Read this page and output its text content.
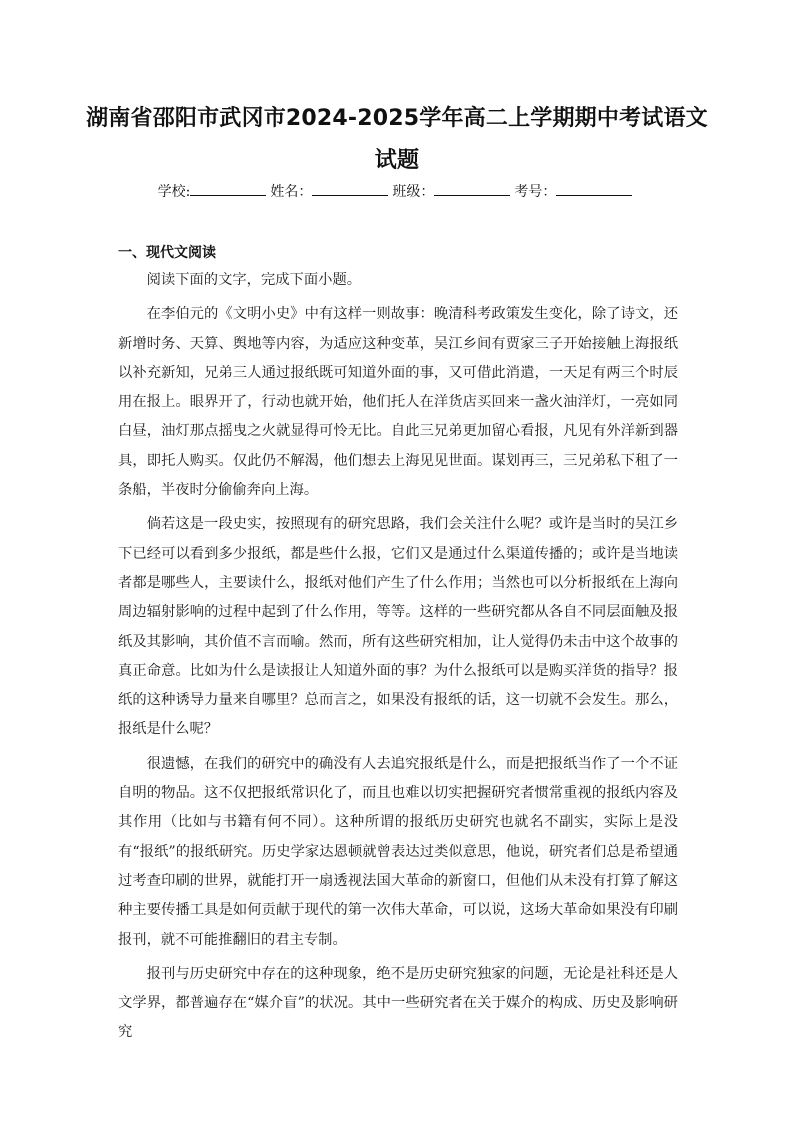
湖南省邵阳市武冈市2024-2025学年高二上学期期中考试语文
试题
学校:	姓名：	班级：	考号：
一、现代文阅读

阅读下面的文字，完成下面小题。

在李伯元的《文明小史》中有这样一则故事：晚清科考政策发生变化，除了诗文，还新增时务、天算、舆地等内容，为适应这种变革，吴江乡间有贾家三子开始接触上海报纸以补充新知，兄弟三人通过报纸既可知道外面的事，又可借此消遣，一天足有两三个时辰用在报上。眼界开了，行动也就开始，他们托人在洋货店买回来一盏火油洋灯，一亮如同白昼，油灯那点摇曳之火就显得可怜无比。自此三兄弟更加留心看报，凡见有外洋新到器具，即托人购买。仅此仍不解渴，他们想去上海见见世面。谋划再三，三兄弟私下租了一条船，半夜时分偷偷奔向上海。

倘若这是一段史实，按照现有的研究思路，我们会关注什么呢？或许是当时的吴江乡下已经可以看到多少报纸，都是些什么报，它们又是通过什么渠道传播的；或许是当地读者都是哪些人，主要读什么，报纸对他们产生了什么作用；当然也可以分析报纸在上海向周边辐射影响的过程中起到了什么作用，等等。这样的一些研究都从各自不同层面触及报纸及其影响，其价值不言而喻。然而，所有这些研究相加，让人觉得仍未击中这个故事的真正命意。比如为什么是读报让人知道外面的事？为什么报纸可以是购买洋货的指导？报纸的这种诱导力量来自哪里？总而言之，如果没有报纸的话，这一切就不会发生。那么，报纸是什么呢？

很遗憾，在我们的研究中的确没有人去追究报纸是什么，而是把报纸当作了一个不证自明的物品。这不仅把报纸常识化了，而且也难以切实把握研究者惯常重视的报纸内容及其作用（比如与书籍有何不同）。这种所谓的报纸历史研究也就名不副实，实际上是没有“报纸”的报纸研究。历史学家达恩顿就曾表达过类似意思，他说，研究者们总是希望通过考查印刷的世界，就能打开一扇透视法国大革命的新窗口，但他们从未没有打算了解这种主要传播工具是如何贡献于现代的第一次伟大革命，可以说，这场大革命如果没有印刷报刊，就不可能推翻旧的君主专制。

报刊与历史研究中存在的这种现象，绝不是历史研究独家的问题，无论是社科还是人文学界，都普遍存在“媒介盲”的状况。其中一些研究者在关于媒介的构成、历史及影响研究
